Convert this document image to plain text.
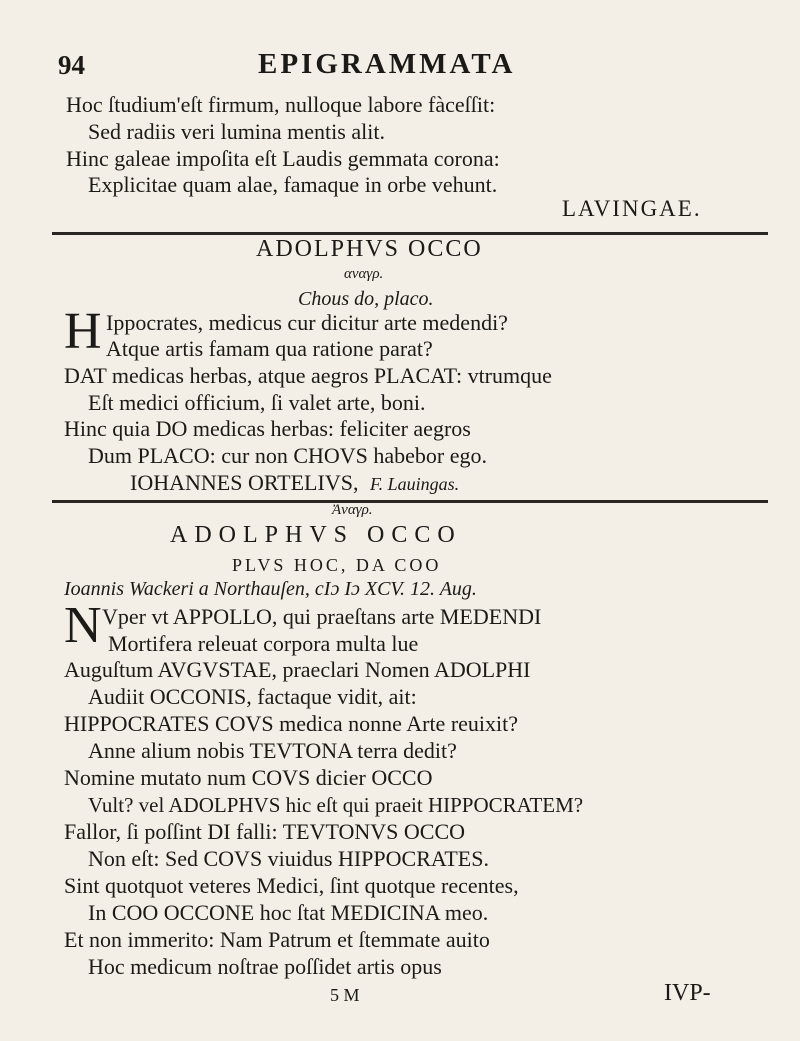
94	EPIGRAMMATA
Hoc ſtudium'eſt firmum, nulloque labore fàceſſit:
Sed radiis veri lumina mentis alit.
Hinc galeae impoſita eſt Laudis gemmata corona:
Explicitae quam alae, famaque in orbe vehunt.
LAVINGAE.
ADOLPHVS OCCO
αναγρ.
Chous do, placo.
H Ippocrates, medicus cur dicitur arte medendi?
Atque artis famam qua ratione parat?
DAT medicas herbas, atque aegros PLACAT: vtrumque
Eſt medici officium, ſi valet arte, boni.
Hinc quia DO medicas herbas: feliciter aegros
Dum PLACO: cur non CHOVS habebor ego.
IOHANNES ORTELIVS, F. Lauingas.
Ἀναγρ.
ADOLPHVS OCCO
PLVS HOC, DA COO
Ioannis Wackeri a Northauſen, cIɔ Iɔ XCV. 12. Aug.
N Vper vt APPOLLO, qui praeſtans arte MEDENDI
Mortifera releuat corpora multa lue
Auguſtum AVGVSTAE, praeclari Nomen ADOLPHI
Audiit OCCONIS, factaque vidit, ait:
HIPPOCRATES COVS medica nonne Arte reuixit?
Anne alium nobis TEVTONA terra dedit?
Nomine mutato num COVS dicier OCCO
Vult? vel ADOLPHVS hic eſt qui praeit HIPPOCRATEM?
Fallor, ſi poſſint DI falli: TEVTONVS OCCO
Non eſt: Sed COVS viuidus HIPPOCRATES.
Sint quotquot veteres Medici, ſint quotque recentes,
In COO OCCONE hoc ſtat MEDICINA meo.
Et non immerito: Nam Patrum et ſtemmate auito
Hoc medicum noſtrae poſſidet artis opus
5 M	IVP-
